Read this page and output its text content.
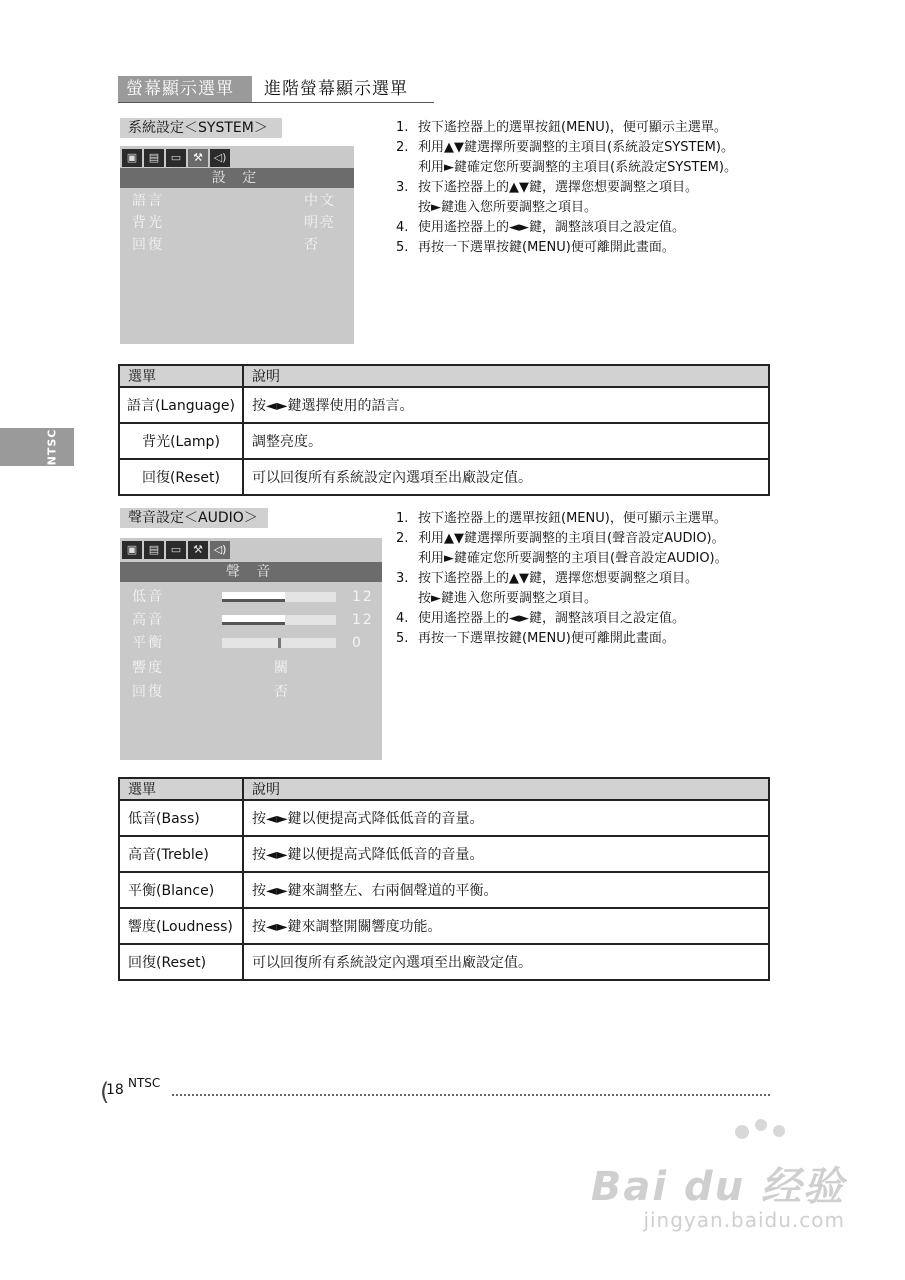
螢幕顯示選單	進階螢幕顯示選單
NTSC
系統設定＜SYSTEM＞
▣	▤	▭	⚒ ◁)
設 定
語言	中文
背光	明亮
回復	否
1. 按下遙控器上的選單按鈕(MENU)，便可顯示主選單。
2. 利用▲▼鍵選擇所要調整的主項目(系統設定SYSTEM)。
利用►鍵確定您所要調整的主項目(系統設定SYSTEM)。
3. 按下遙控器上的▲▼鍵，選擇您想要調整之項目。
按►鍵進入您所要調整之項目。
4. 使用遙控器上的◄►鍵，調整該項目之設定值。
5. 再按一下選單按鍵(MENU)便可離開此畫面。
選單	說明
語言(Language)	按◄►鍵選擇使用的語言。
背光(Lamp)	調整亮度。
回復(Reset)	可以回復所有系統設定內選項至出廠設定值。
聲音設定＜AUDIO＞
▣	▤	▭	⚒ ◁)
聲 音
低音	12
高音	12
平衡	0
響度	關
回復	否
1. 按下遙控器上的選單按鈕(MENU)，便可顯示主選單。
2. 利用▲▼鍵選擇所要調整的主項目(聲音設定AUDIO)。
利用►鍵確定您所要調整的主項目(聲音設定AUDIO)。
3. 按下遙控器上的▲▼鍵，選擇您想要調整之項目。
按►鍵進入您所要調整之項目。
4. 使用遙控器上的◄►鍵，調整該項目之設定值。
5. 再按一下選單按鍵(MENU)便可離開此畫面。
選單	說明
低音(Bass)	按◄►鍵以便提高式降低低音的音量。
高音(Treble)	按◄►鍵以便提高式降低低音的音量。
平衡(Blance)	按◄►鍵來調整左、右兩個聲道的平衡。
響度(Loudness)	按◄►鍵來調整開關響度功能。
回復(Reset)	可以回復所有系統設定內選項至出廠設定值。
(
18 NTSC
Bai du 经验
jingyan.baidu.com
